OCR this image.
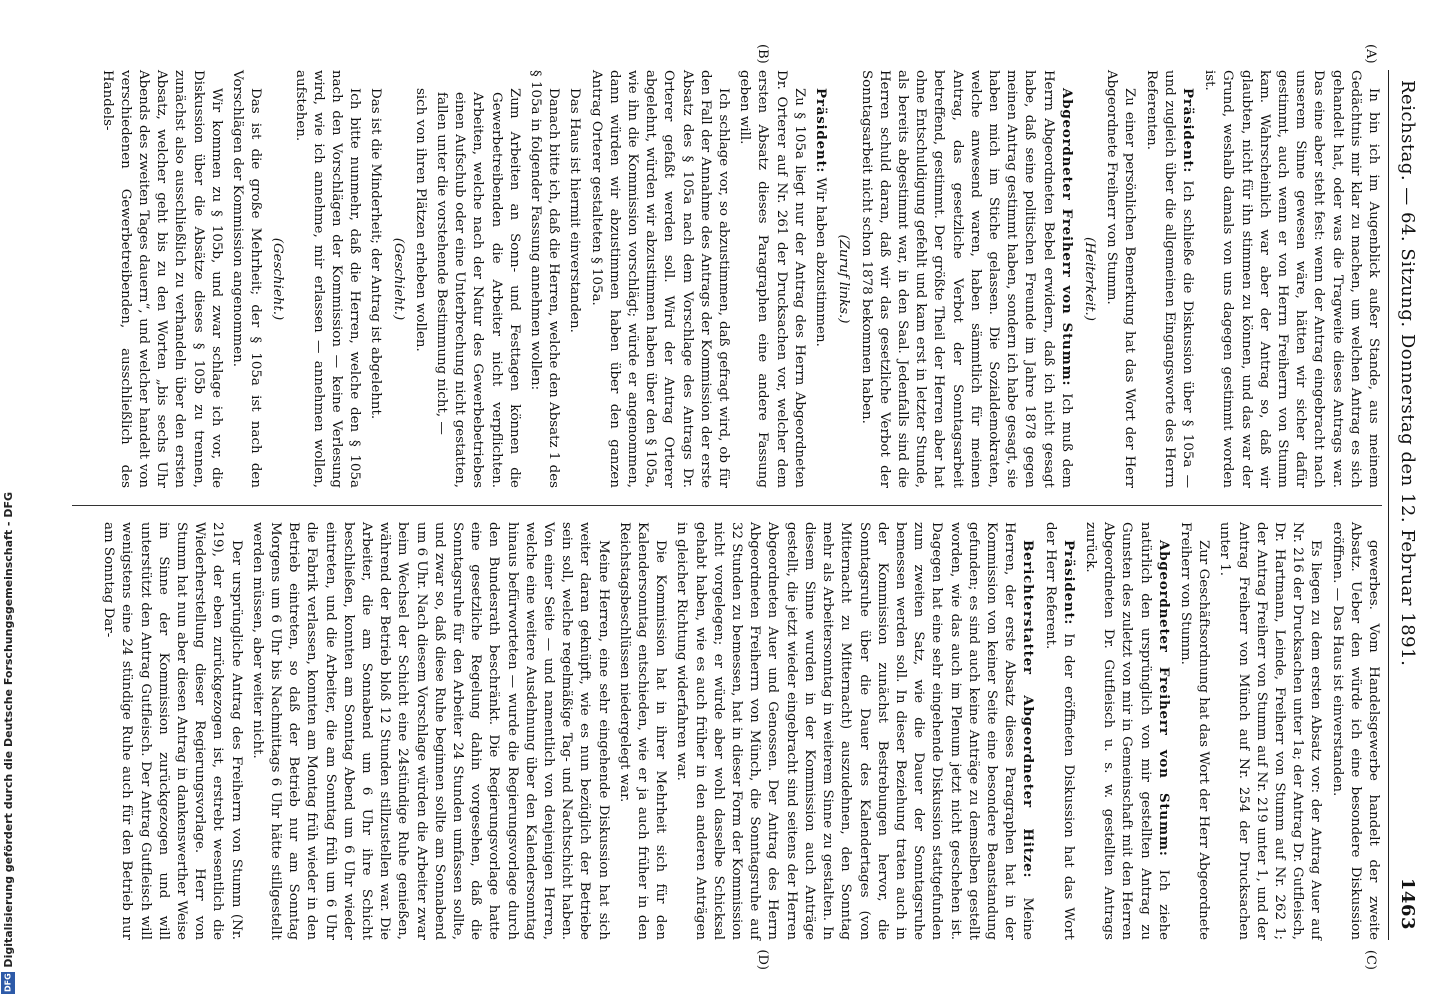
Digitalisierung gefördert durch die Deutsche Forschungsgemeinschaft - DFG
DFG
Reichstag. — 64. Sitzung. Donnerstag den 12. Februar 1891.
1463
(A)
(B)
(C)
(D)

In bin ich im Augenblick außer Stande, aus meinem Gedächtnis mir klar zu machen, um welchen Antrag es sich gehandelt hat, oder was die Tragweite dieses Antrags war. Das eine aber steht fest: wenn der Antrag eingebracht nach unserem Sinne gewesen wäre, hätten wir sicher dafür gestimmt, auch wenn er von Herrn Freiherrn von Stumm kam. Wahrscheinlich war aber der Antrag so, daß wir glaubten, nicht für ihn stimmen zu können, und das war der Grund, weshalb damals von uns dagegen gestimmt worden ist.

Präsident: Ich schließe die Diskussion über § 105a — und zugleich über die allgemeinen Eingangsworte des Herrn Referenten.

Zu einer persönlichen Bemerkung hat das Wort der Herr Abgeordnete Freiherr von Stumm.

(Heiterkeit.)

Abgeordneter Freiherr von Stumm: Ich muß dem Herrn Abgeordneten Bebel erwidern, daß ich nicht gesagt habe, daß seine politischen Freunde im Jahre 1878 gegen meinen Antrag gestimmt haben, sondern ich habe gesagt, sie haben mich im Stiche gelassen. Die Sozialdemokraten, welche anwesend waren, haben sämmtlich für meinen Antrag, das gesetzliche Verbot der Sonntagsarbeit betreffend, gestimmt. Der größte Theil der Herren aber hat ohne Entschuldigung gefehlt und kam erst in letzter Stunde, als bereits abgestimmt war, in den Saal. Jedenfalls sind die Herren schuld daran, daß wir das gesetzliche Verbot der Sonntagsarbeit nicht schon 1878 bekommen haben.

(Zuruf links.)

Präsident: Wir haben abzustimmen.

Zu § 105a liegt nur der Antrag des Herrn Abgeordneten Dr. Orterer auf Nr. 261 der Drucksachen vor, welcher dem ersten Absatz dieses Paragraphen eine andere Fassung geben will.

Ich schlage vor, so abzustimmen, daß gefragt wird, ob für den Fall der Annahme des Antrags der Kommission der erste Absatz des § 105a nach dem Vorschlage des Antrags Dr. Orterer gefaßt werden soll. Wird der Antrag Orterer abgelehnt, würden wir abzustimmen haben über den § 105a, wie ihn die Kommission vorschlägt; würde er angenommen, dann würden wir abzustimmen haben über den ganzen Antrag Orterer gestalteten § 105a.

Das Haus ist hiermit einverstanden.

Danach bitte ich, daß die Herren, welche den Absatz 1 des § 105a in folgender Fassung annehmen wollen:

Zum Arbeiten an Sonn- und Festtagen können die Gewerbetreibenden die Arbeiter nicht verpflichten. Arbeiten, welche nach der Natur des Gewerbebetriebes einen Aufschub oder eine Unterbrechung nicht gestatten, fallen unter die vorstehende Bestimmung nicht, —

sich von ihren Plätzen erheben wollen.

(Geschieht.)

Das ist die Minderheit; der Antrag ist abgelehnt.

Ich bitte nunmehr, daß die Herren, welche den § 105a nach den Vorschlägen der Kommission — keine Verlesung wird, wie ich annehme, mir erlassen — annehmen wollen, aufstehen.

(Geschieht.)

Das ist die große Mehrheit; der § 105a ist nach den Vorschlägen der Kommission angenommen.

Wir kommen zu § 105b, und zwar schlage ich vor, die Diskussion über die Absätze dieses § 105b zu trennen, zunächst also ausschließlich zu verhandeln über den ersten Absatz, welcher geht bis zu den Worten „bis sechs Uhr Abends des zweiten Tages dauern“, und welcher handelt von verschiedenen Gewerbetreibenden, ausschließlich des Handels-

gewerbes. Vom Handelsgewerbe handelt der zweite Absatz. Ueber den würde ich eine besondere Diskussion eröffnen. — Das Haus ist einverstanden.

Es liegen zu dem ersten Absatz vor: der Antrag Auer auf Nr. 216 der Drucksachen unter 1a; der Antrag Dr. Gutfleisch, Dr. Hartmann, Leinde, Freiherr von Stumm auf Nr. 262 1; der Antrag Freiherr von Stumm auf Nr. 219 unter 1, und der Antrag Freiherr von Münch auf Nr. 254 der Drucksachen unter 1.

Zur Geschäftsordnung hat das Wort der Herr Abgeordnete Freiherr von Stumm.

Abgeordneter Freiherr von Stumm: Ich ziehe natürlich den ursprünglich von mir gestellten Antrag zu Gunsten des zuletzt von mir in Gemeinschaft mit den Herren Abgeordneten Dr. Gutfleisch u. s. w. gestellten Antrags zurück.

Präsident: In der eröffneten Diskussion hat das Wort der Herr Referent.

Berichterstatter Abgeordneter Hitze: Meine Herren, der erste Absatz dieses Paragraphen hat in der Kommission von keiner Seite eine besondere Beanstandung gefunden; es sind auch keine Anträge zu demselben gestellt worden, wie das auch im Plenum jetzt nicht geschehen ist. Dagegen hat eine sehr eingehende Diskussion stattgefunden zum zweiten Satz, wie die Dauer der Sonntagsruhe bemessen werden soll. In dieser Beziehung traten auch in der Kommission zunächst Bestrebungen hervor, die Sonntagsruhe über die Dauer des Kalendertages (von Mitternacht zu Mitternacht) auszudehnen, den Sonntag mehr als Arbeitersonntag in weiterem Sinne zu gestalten. In diesem Sinne wurden in der Kommission auch Anträge gestellt, die jetzt wieder eingebracht sind seitens der Herren Abgeordneten Auer und Genossen. Der Antrag des Herrn Abgeordneten Freiherrn von Münch, die Sonntagsruhe auf 32 Stunden zu bemessen, hat in dieser Form der Kommission nicht vorgelegen; er würde aber wohl dasselbe Schicksal gehabt haben, wie es auch früher in den anderen Anträgen in gleicher Richtung widerfahren war.

Die Kommission hat in ihrer Mehrheit sich für den Kalendersonntag entschieden, wie er ja auch früher in den Reichstagsbeschlüssen niedergelegt war.

Meine Herren, eine sehr eingehende Diskussion hat sich weiter daran geknüpft, wie es nun bezüglich der Betriebe sein soll, welche regelmäßige Tag- und Nachtschicht haben. Von einer Seite — und namentlich von denjenigen Herren, welche eine weitere Ausdehnung über den Kalendersonntag hinaus befürworteten — wurde die Regierungsvorlage durch den Bundesrath beschränkt. Die Regierungsvorlage hatte eine gesetzliche Regelung dahin vorgesehen, daß die Sonntagsruhe für den Arbeiter 24 Stunden umfassen sollte, und zwar so, daß diese Ruhe beginnen sollte am Sonnabend um 6 Uhr. Nach diesem Vorschlage würden die Arbeiter zwar beim Wechsel der Schicht eine 24stündige Ruhe genießen, während der Betrieb bloß 12 Stunden stillzustellen war. Die Arbeiter, die am Sonnabend um 6 Uhr ihre Schicht beschließen, konnten am Sonntag Abend um 6 Uhr wieder eintreten, und die Arbeiter, die am Sonntag früh um 6 Uhr die Fabrik verlassen, konnten am Montag früh wieder in den Betrieb eintreten, so daß der Betrieb nur am Sonntag Morgens um 6 Uhr bis Nachmittags 6 Uhr hätte stillgestellt werden müssen, aber weiter nicht.

Der ursprüngliche Antrag des Freiherrn von Stumm (Nr. 219), der eben zurückgezogen ist, erstrebt wesentlich die Wiederherstellung dieser Regierungsvorlage. Herr von Stumm hat nun aber diesen Antrag in dankenswerther Weise im Sinne der Kommission zurückgezogen und will unterstützt den Antrag Gutfleisch. Der Antrag Gutfleisch will wenigstens eine 24 stündige Ruhe auch für den Betrieb nur am Sonntag Dar-
